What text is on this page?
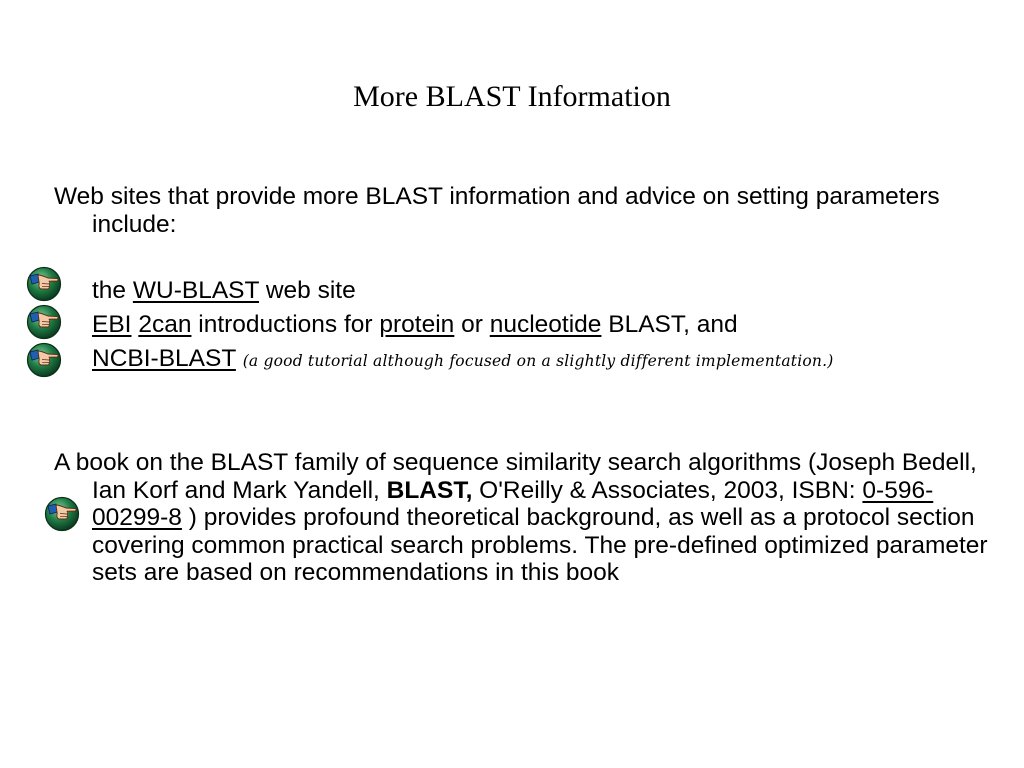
More BLAST Information
Web sites that provide more BLAST information and advice on setting parameters include:
the WU-BLAST web site
EBI 2can introductions for protein or nucleotide BLAST, and
NCBI-BLAST (a good tutorial although focused on a slightly different implementation.)
A book on the BLAST family of sequence similarity search algorithms (Joseph Bedell, Ian Korf and Mark Yandell, BLAST, O'Reilly & Associates, 2003, ISBN: 0-596-00299-8 ) provides profound theoretical background, as well as a protocol section covering common practical search problems. The pre-defined optimized parameter sets are based on recommendations in this book
